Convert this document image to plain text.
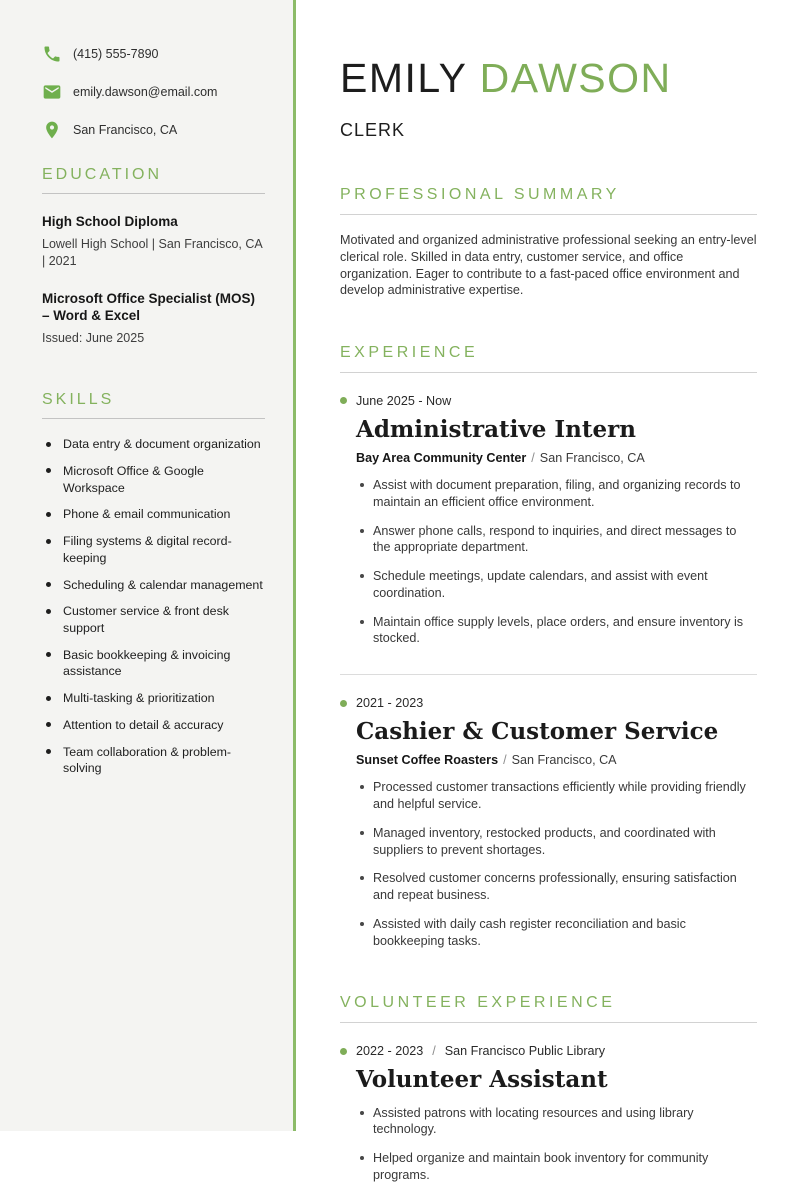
(415) 555-7890
emily.dawson@email.com
San Francisco, CA
EDUCATION
High School Diploma
Lowell High School | San Francisco, CA | 2021
Microsoft Office Specialist (MOS) – Word & Excel
Issued: June 2025
SKILLS
Data entry & document organization
Microsoft Office & Google Workspace
Phone & email communication
Filing systems & digital record-keeping
Scheduling & calendar management
Customer service & front desk support
Basic bookkeeping & invoicing assistance
Multi-tasking & prioritization
Attention to detail & accuracy
Team collaboration & problem-solving
EMILY DAWSON
CLERK
PROFESSIONAL SUMMARY

Motivated and organized administrative professional seeking an entry-level clerical role. Skilled in data entry, customer service, and office organization. Eager to contribute to a fast-paced office environment and develop administrative expertise.

EXPERIENCE
June 2025 - Now
Administrative Intern
Bay Area Community Center / San Francisco, CA
Assist with document preparation, filing, and organizing records to maintain an efficient office environment.
Answer phone calls, respond to inquiries, and direct messages to the appropriate department.
Schedule meetings, update calendars, and assist with event coordination.
Maintain office supply levels, place orders, and ensure inventory is stocked.
2021 - 2023
Cashier & Customer Service
Sunset Coffee Roasters / San Francisco, CA
Processed customer transactions efficiently while providing friendly and helpful service.
Managed inventory, restocked products, and coordinated with suppliers to prevent shortages.
Resolved customer concerns professionally, ensuring satisfaction and repeat business.
Assisted with daily cash register reconciliation and basic bookkeeping tasks.
VOLUNTEER EXPERIENCE
2022 - 2023 / San Francisco Public Library
Volunteer Assistant
Assisted patrons with locating resources and using library technology.
Helped organize and maintain book inventory for community programs.
